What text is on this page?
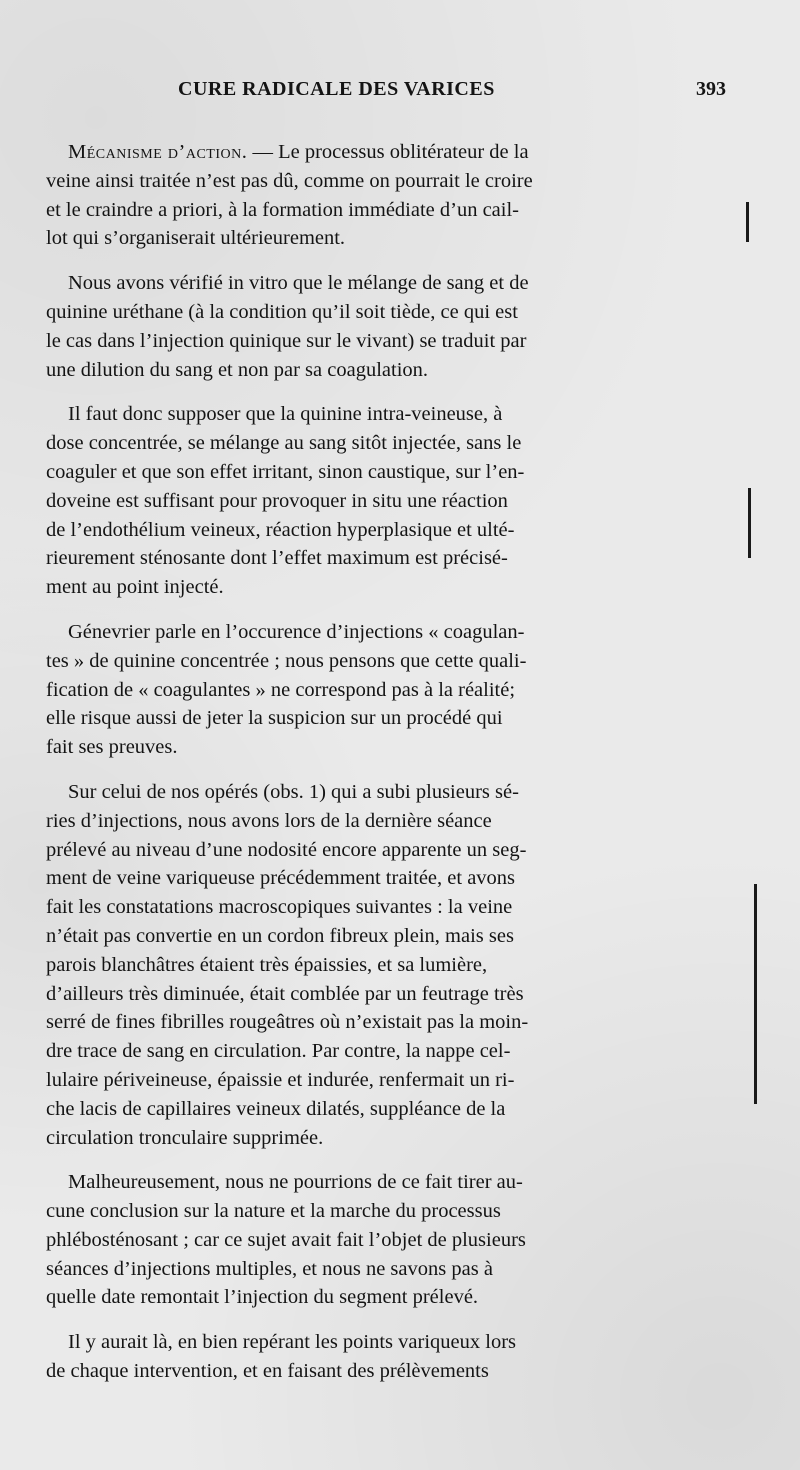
CURE RADICALE DES VARICES	393
Mécanisme d’action. — Le processus oblitérateur de la
veine ainsi traitée n’est pas dû, comme on pourrait le croire
et le craindre a priori, à la formation immédiate d’un cail-
lot qui s’organiserait ultérieurement.
Nous avons vérifié in vitro que le mélange de sang et de
quinine uréthane (à la condition qu’il soit tiède, ce qui est
le cas dans l’injection quinique sur le vivant) se traduit par
une dilution du sang et non par sa coagulation.
Il faut donc supposer que la quinine intra-veineuse, à
dose concentrée, se mélange au sang sitôt injectée, sans le
coaguler et que son effet irritant, sinon caustique, sur l’en-
doveine est suffisant pour provoquer in situ une réaction
de l’endothélium veineux, réaction hyperplasique et ulté-
rieurement sténosante dont l’effet maximum est précisé-
ment au point injecté.
Génevrier parle en l’occurence d’injections « coagulan-
tes » de quinine concentrée ; nous pensons que cette quali-
fication de « coagulantes » ne correspond pas à la réalité;
elle risque aussi de jeter la suspicion sur un procédé qui
fait ses preuves.
Sur celui de nos opérés (obs. 1) qui a subi plusieurs sé-
ries d’injections, nous avons lors de la dernière séance
prélevé au niveau d’une nodosité encore apparente un seg-
ment de veine variqueuse précédemment traitée, et avons
fait les constatations macroscopiques suivantes : la veine
n’était pas convertie en un cordon fibreux plein, mais ses
parois blanchâtres étaient très épaissies, et sa lumière,
d’ailleurs très diminuée, était comblée par un feutrage très
serré de fines fibrilles rougeâtres où n’existait pas la moin-
dre trace de sang en circulation. Par contre, la nappe cel-
lulaire périveineuse, épaissie et indurée, renfermait un ri-
che lacis de capillaires veineux dilatés, suppléance de la
circulation tronculaire supprimée.
Malheureusement, nous ne pourrions de ce fait tirer au-
cune conclusion sur la nature et la marche du processus
phlébosténosant ; car ce sujet avait fait l’objet de plusieurs
séances d’injections multiples, et nous ne savons pas à
quelle date remontait l’injection du segment prélevé.
Il y aurait là, en bien repérant les points variqueux lors
de chaque intervention, et en faisant des prélèvements
